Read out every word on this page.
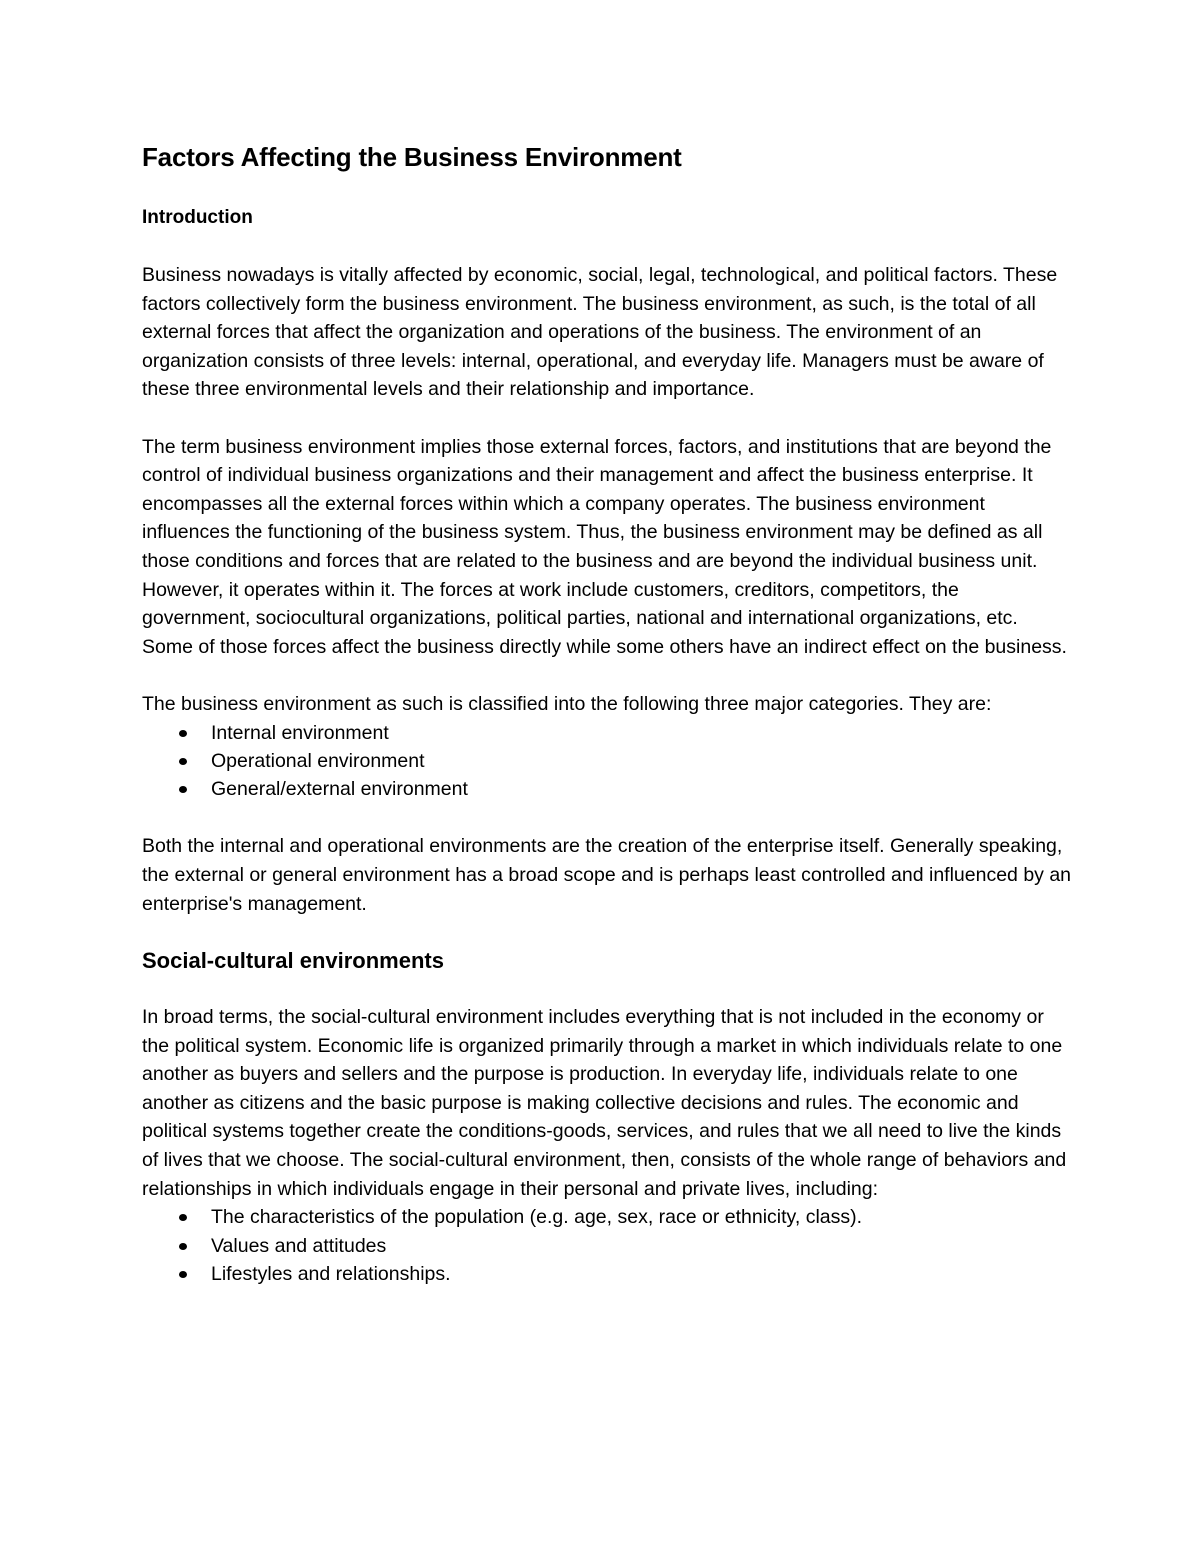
Factors Affecting the Business Environment
Introduction

Business nowadays is vitally affected by economic, social, legal, technological, and political factors. These factors collectively form the business environment. The business environment, as such, is the total of all external forces that affect the organization and operations of the business. The environment of an organization consists of three levels: internal, operational, and everyday life. Managers must be aware of these three environmental levels and their relationship and importance.

The term business environment implies those external forces, factors, and institutions that are beyond the control of individual business organizations and their management and affect the business enterprise. It encompasses all the external forces within which a company operates. The business environment influences the functioning of the business system. Thus, the business environment may be defined as all those conditions and forces that are related to the business and are beyond the individual business unit. However, it operates within it. The forces at work include customers, creditors, competitors, the government, sociocultural organizations, political parties, national and international organizations, etc. Some of those forces affect the business directly while some others have an indirect effect on the business.

The business environment as such is classified into the following three major categories. They are:

Internal environment
Operational environment
General/external environment

Both the internal and operational environments are the creation of the enterprise itself. Generally speaking, the external or general environment has a broad scope and is perhaps least controlled and influenced by an enterprise's management.

Social-cultural environments

In broad terms, the social-cultural environment includes everything that is not included in the economy or the political system. Economic life is organized primarily through a market in which individuals relate to one another as buyers and sellers and the purpose is production. In everyday life, individuals relate to one another as citizens and the basic purpose is making collective decisions and rules. The economic and political systems together create the conditions-goods, services, and rules that we all need to live the kinds of lives that we choose. The social-cultural environment, then, consists of the whole range of behaviors and relationships in which individuals engage in their personal and private lives, including:

The characteristics of the population (e.g. age, sex, race or ethnicity, class).
Values and attitudes
Lifestyles and relationships.
